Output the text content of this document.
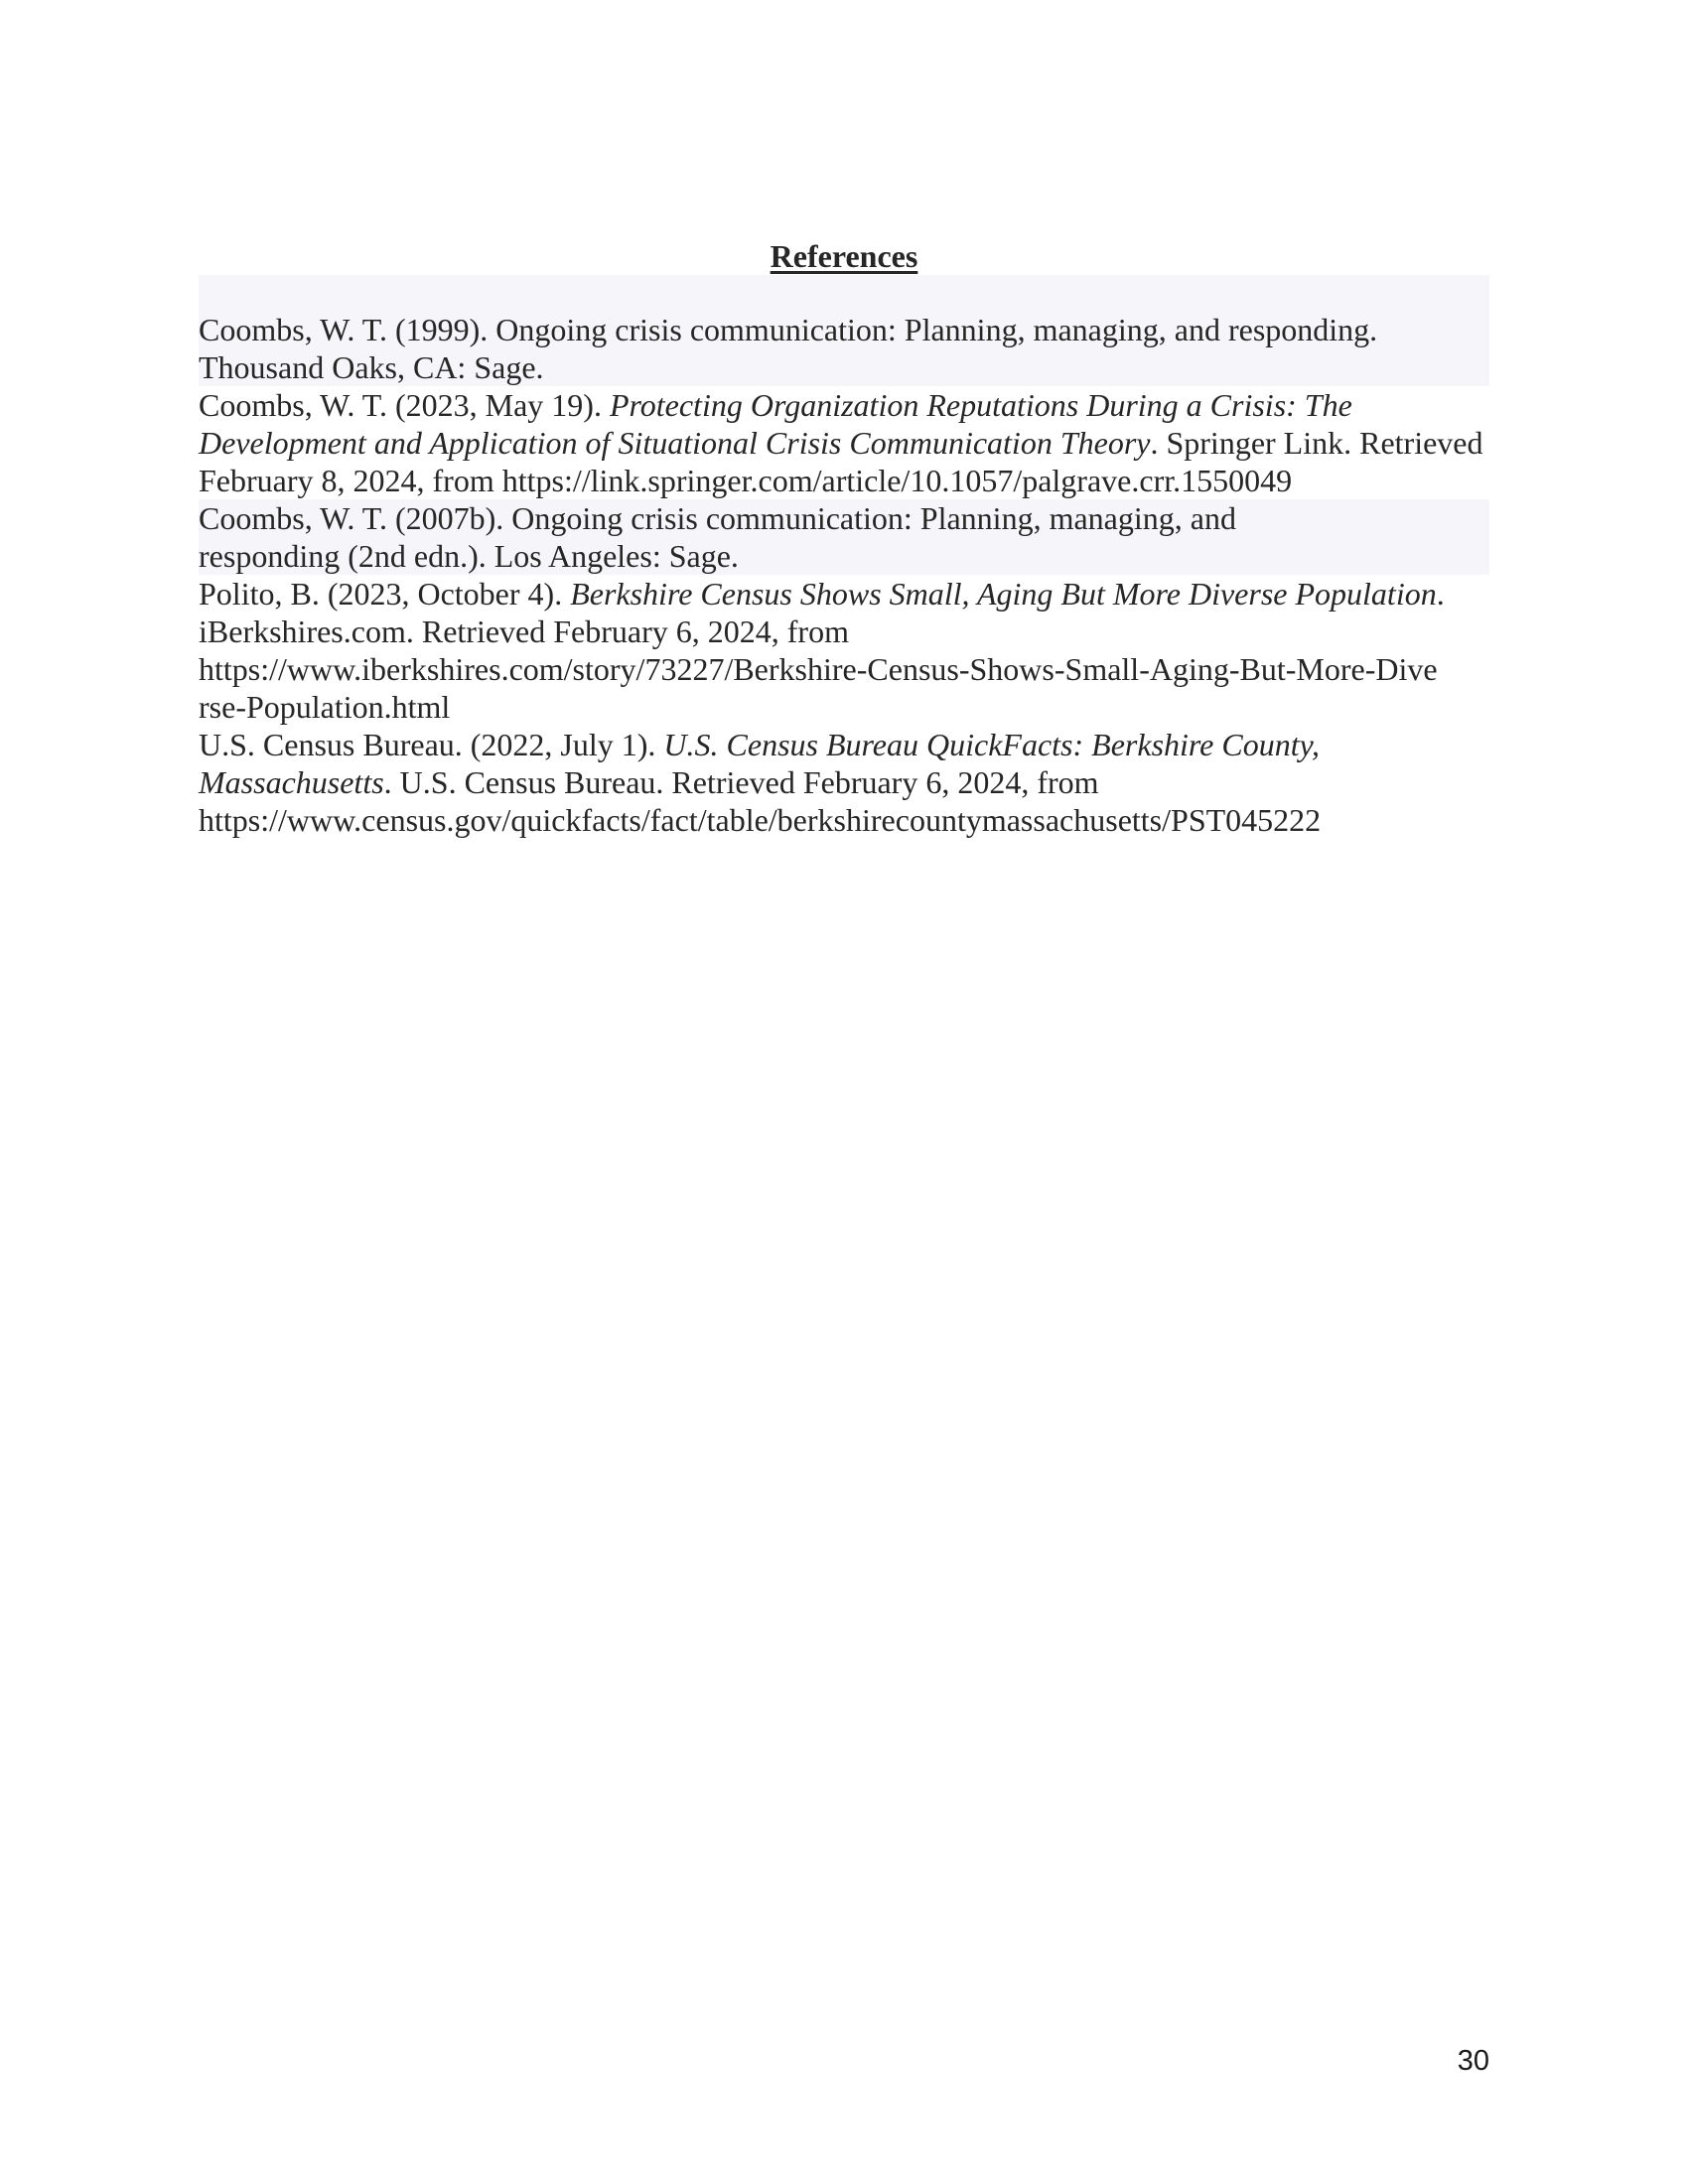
References

Coombs, W. T. (1999). Ongoing crisis communication: Planning, managing, and responding.
Thousand Oaks, CA: Sage.

Coombs, W. T. (2023, May 19). Protecting Organization Reputations During a Crisis: The Development and Application of Situational Crisis Communication Theory. Springer Link. Retrieved February 8, 2024, from https://link.springer.com/article/10.1057/palgrave.crr.1550049

Coombs, W. T. (2007b). Ongoing crisis communication: Planning, managing, and
responding (2nd edn.). Los Angeles: Sage.

Polito, B. (2023, October 4). Berkshire Census Shows Small, Aging But More Diverse Population. iBerkshires.com. Retrieved February 6, 2024, from
https://www.iberkshires.com/story/73227/Berkshire-Census-Shows-Small-Aging-But-More-Dive
rse-Population.html

U.S. Census Bureau. (2022, July 1). U.S. Census Bureau QuickFacts: Berkshire County, Massachusetts. U.S. Census Bureau. Retrieved February 6, 2024, from
https://www.census.gov/quickfacts/fact/table/berkshirecountymassachusetts/PST045222

30
